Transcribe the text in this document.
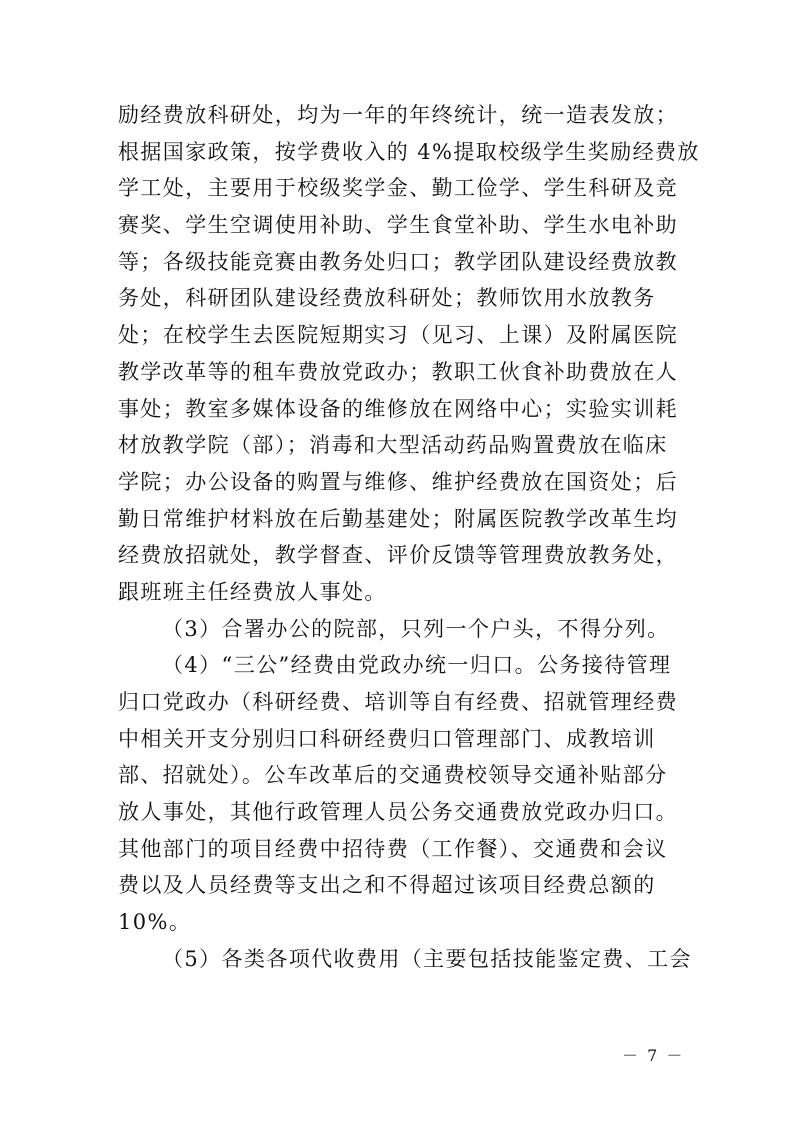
励经费放科研处，均为一年的年终统计，统一造表发放；
根据国家政策，按学费收入的 4%提取校级学生奖励经费放
学工处，主要用于校级奖学金、勤工俭学、学生科研及竞
赛奖、学生空调使用补助、学生食堂补助、学生水电补助
等；各级技能竞赛由教务处归口；教学团队建设经费放教
务处，科研团队建设经费放科研处；教师饮用水放教务
处；在校学生去医院短期实习（见习、上课）及附属医院
教学改革等的租车费放党政办；教职工伙食补助费放在人
事处；教室多媒体设备的维修放在网络中心；实验实训耗
材放教学院（部）；消毒和大型活动药品购置费放在临床
学院；办公设备的购置与维修、维护经费放在国资处；后
勤日常维护材料放在后勤基建处；附属医院教学改革生均
经费放招就处，教学督查、评价反馈等管理费放教务处，
跟班班主任经费放人事处。
（3）合署办公的院部，只列一个户头，不得分列。
（4）“三公”经费由党政办统一归口。公务接待管理
归口党政办（科研经费、培训等自有经费、招就管理经费
中相关开支分别归口科研经费归口管理部门、成教培训
部、招就处）。公车改革后的交通费校领导交通补贴部分
放人事处，其他行政管理人员公务交通费放党政办归口。
其他部门的项目经费中招待费（工作餐）、交通费和会议
费以及人员经费等支出之和不得超过该项目经费总额的
10%。
（5）各类各项代收费用（主要包括技能鉴定费、工会
－ 7 －
